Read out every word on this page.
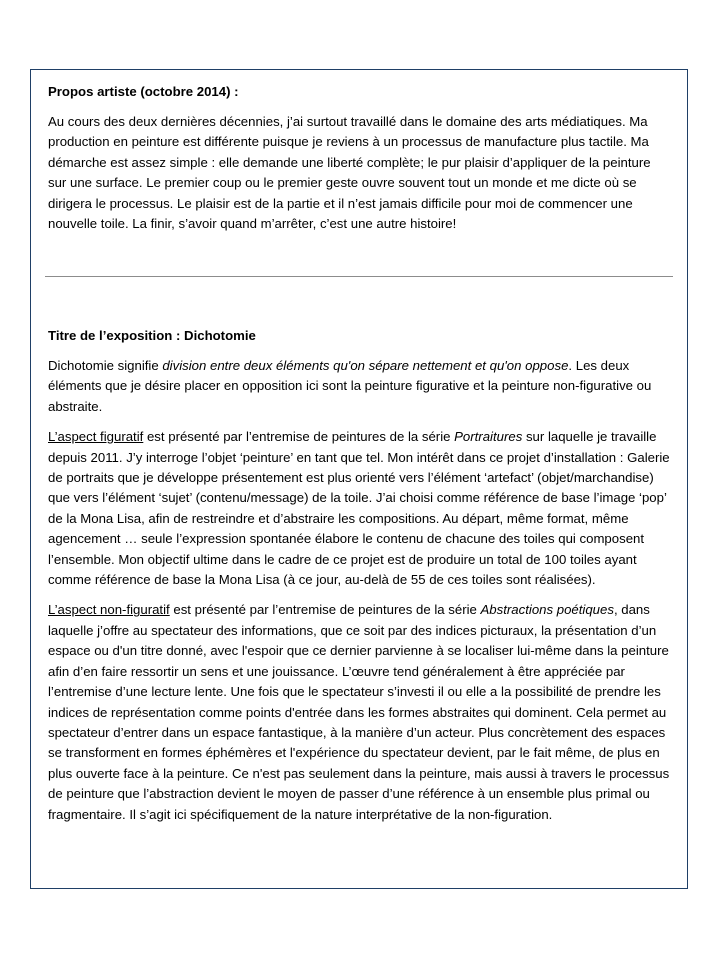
Propos artiste (octobre 2014) :

Au cours des deux dernières décennies, j’ai surtout travaillé dans le domaine des arts médiatiques. Ma production en peinture est différente puisque je reviens à un processus de manufacture plus tactile. Ma démarche est assez simple : elle demande une liberté complète; le pur plaisir d’appliquer de la peinture sur une surface. Le premier coup ou le premier geste ouvre souvent tout un monde et me dicte où se dirigera le processus. Le plaisir est de la partie et il n’est jamais difficile pour moi de commencer une nouvelle toile. La finir, s’avoir quand m’arrêter, c’est une autre histoire!

Titre de l’exposition : Dichotomie

Dichotomie signifie division entre deux éléments qu'on sépare nettement et qu'on oppose. Les deux éléments que je désire placer en opposition ici sont la peinture figurative et la peinture non-figurative ou abstraite.

L’aspect figuratif est présenté par l’entremise de peintures de la série Portraitures sur laquelle je travaille depuis 2011. J’y interroge l’objet ‘peinture’ en tant que tel. Mon intérêt dans ce projet d’installation : Galerie de portraits que je développe présentement est plus orienté vers l’élément ‘artefact’ (objet/marchandise) que vers l’élément ‘sujet’ (contenu/message) de la toile. J’ai choisi comme référence de base l’image ‘pop’ de la Mona Lisa, afin de restreindre et d’abstraire les compositions. Au départ, même format, même agencement … seule l’expression spontanée élabore le contenu de chacune des toiles qui composent l’ensemble. Mon objectif ultime dans le cadre de ce projet est de produire un total de 100 toiles ayant comme référence de base la Mona Lisa (à ce jour, au-delà de 55 de ces toiles sont réalisées).

L’aspect non-figuratif est présenté par l’entremise de peintures de la série Abstractions poétiques, dans laquelle j’offre au spectateur des informations, que ce soit par des indices picturaux, la présentation d’un espace ou d'un titre donné, avec l'espoir que ce dernier parvienne à se localiser lui-même dans la peinture afin d’en faire ressortir un sens et une jouissance. L’œuvre tend généralement à être appréciée par l’entremise d’une lecture lente. Une fois que le spectateur s’investi il ou elle a la possibilité de prendre les indices de représentation comme points d'entrée dans les formes abstraites qui dominent. Cela permet au spectateur d’entrer dans un espace fantastique, à la manière d’un acteur. Plus concrètement des espaces se transforment en formes éphémères et l'expérience du spectateur devient, par le fait même, de plus en plus ouverte face à la peinture. Ce n'est pas seulement dans la peinture, mais aussi à travers le processus de peinture que l’abstraction devient le moyen de passer d’une référence à un ensemble plus primal ou fragmentaire. Il s’agit ici spécifiquement de la nature interprétative de la non-figuration.
